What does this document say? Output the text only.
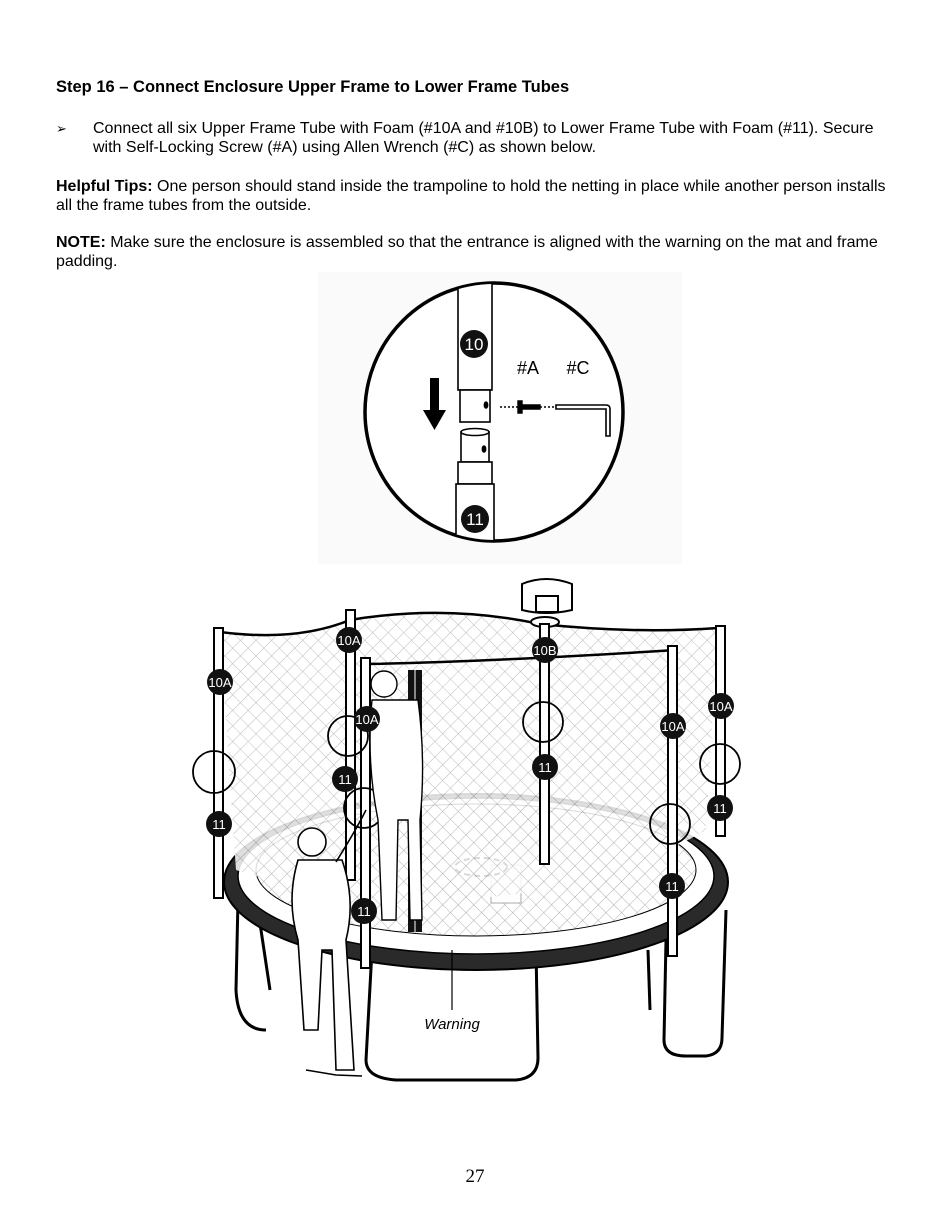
Step 16 – Connect Enclosure Upper Frame to Lower Frame Tubes
➢ Connect all six Upper Frame Tube with Foam (#10A and #10B) to Lower Frame Tube with Foam (#11). Secure with Self-Locking Screw (#A) using Allen Wrench (#C) as shown below.
Helpful Tips: One person should stand inside the trampoline to hold the netting in place while another person installs all the frame tubes from the outside.
NOTE: Make sure the enclosure is assembled so that the entrance is aligned with the warning on the mat and frame padding.
10
11
#A #C
10A
10A
10A
10B
10A
10A
11
11
11
11
11
11
Warning
27
